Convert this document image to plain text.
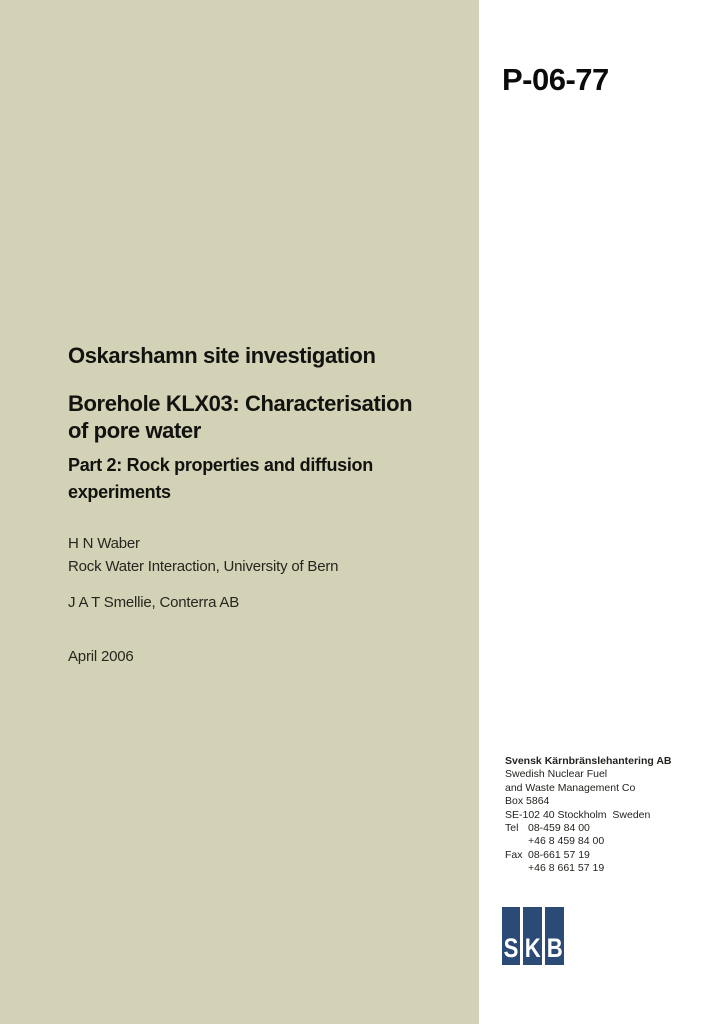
P-06-77
Oskarshamn site investigation
Borehole KLX03: Characterisation
of pore water
Part 2: Rock properties and diffusion
experiments
H N Waber
Rock Water Interaction, University of Bern
J A T Smellie, Conterra AB
April 2006
Svensk Kärnbränslehantering AB
Swedish Nuclear Fuel
and Waste Management Co
Box 5864
SE-102 40 Stockholm  Sweden
Tel 08-459 84 00
+46 8 459 84 00
Fax 08-661 57 19
+46 8 661 57 19
S K B
